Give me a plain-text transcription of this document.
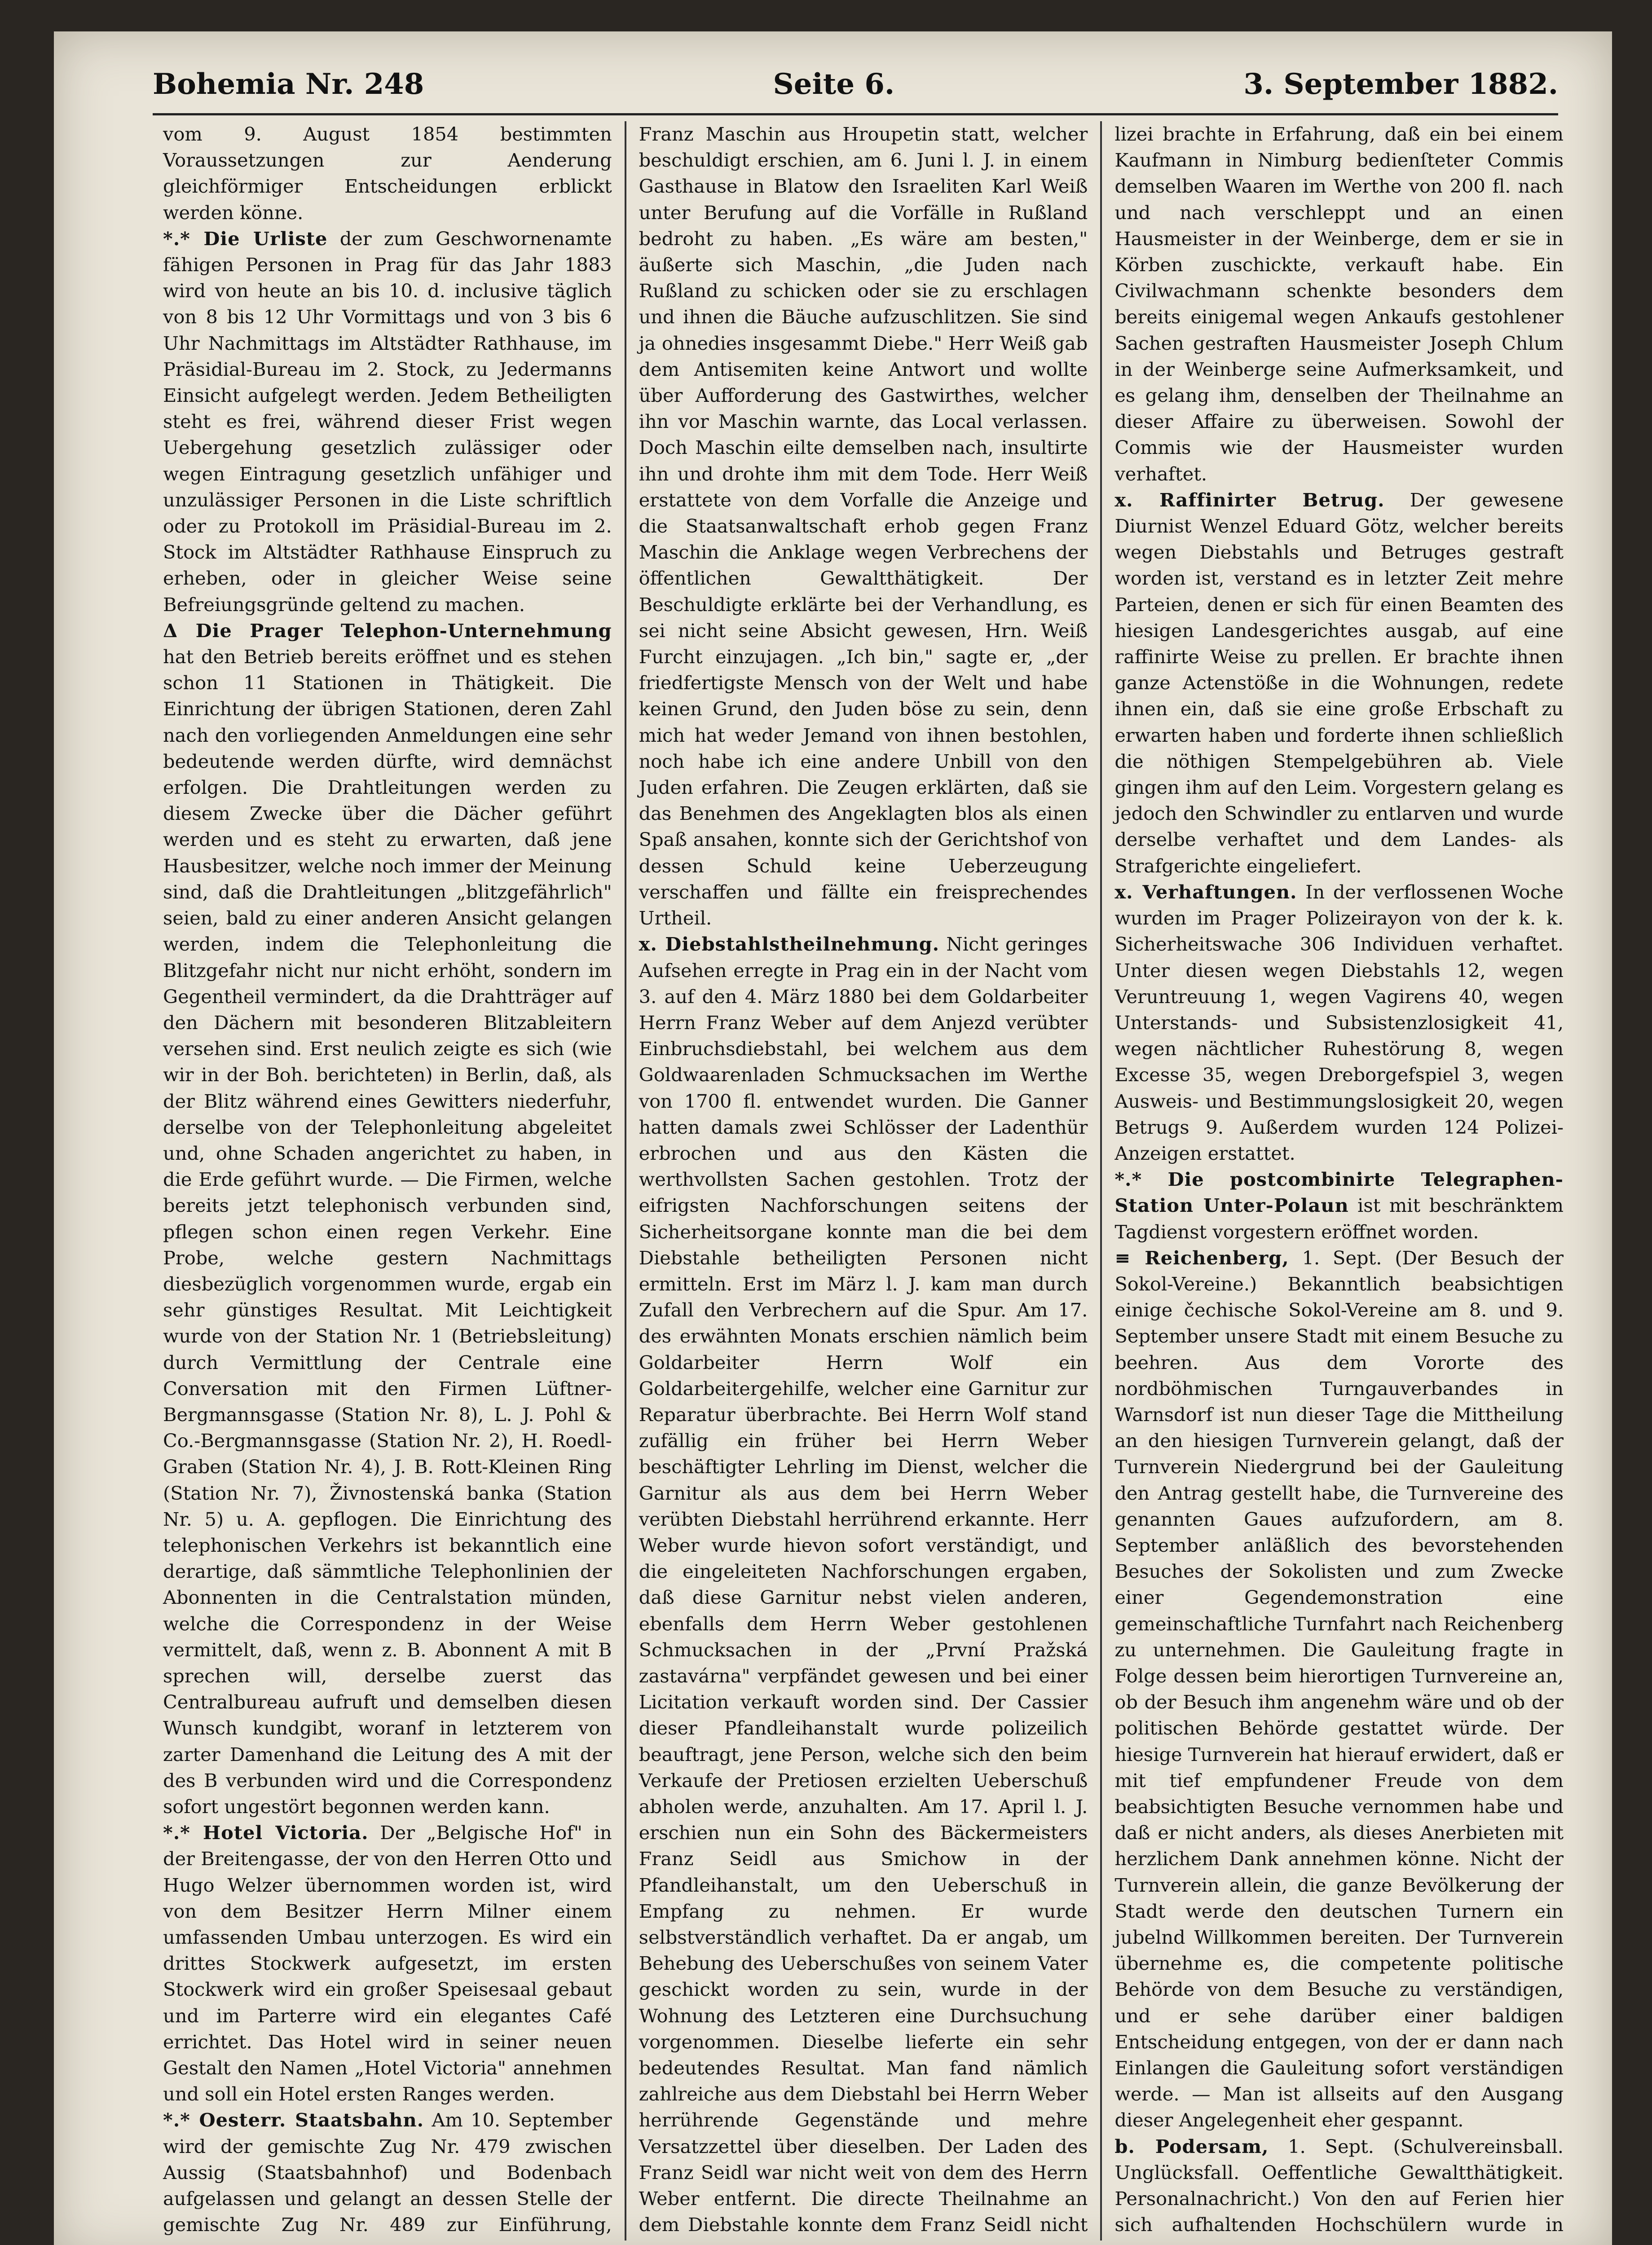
Bohemia Nr. 248	Seite 6.	3. September 1882.

vom 9. August 1854 bestimmten Voraussetzungen zur Aenderung gleichförmiger Entscheidungen erblickt werden könne.

*.* Die Urliste der zum Geschwornenamte fähigen Personen in Prag für das Jahr 1883 wird von heute an bis 10. d. inclusive täglich von 8 bis 12 Uhr Vormittags und von 3 bis 6 Uhr Nachmittags im Altstädter Rathhause, im Präsidial-Bureau im 2. Stock, zu Jedermanns Einsicht aufgelegt werden. Jedem Betheiligten steht es frei, während dieser Frist wegen Uebergehung gesetzlich zulässiger oder wegen Eintragung gesetzlich unfähiger und unzulässiger Personen in die Liste schriftlich oder zu Protokoll im Präsidial-Bureau im 2. Stock im Altstädter Rathhause Einspruch zu erheben, oder in gleicher Weise seine Befreiungsgründe geltend zu machen.

Δ Die Prager Telephon-Unternehmung hat den Betrieb bereits eröffnet und es stehen schon 11 Stationen in Thätigkeit. Die Einrichtung der übrigen Stationen, deren Zahl nach den vorliegenden Anmeldungen eine sehr bedeutende werden dürfte, wird demnächst erfolgen. Die Drahtleitungen werden zu diesem Zwecke über die Dächer geführt werden und es steht zu erwarten, daß jene Hausbesitzer, welche noch immer der Meinung sind, daß die Drahtleitungen „blitzgefährlich" seien, bald zu einer anderen Ansicht gelangen werden, indem die Telephonleitung die Blitzgefahr nicht nur nicht erhöht, sondern im Gegentheil vermindert, da die Drahtträger auf den Dächern mit besonderen Blitzableitern versehen sind. Erst neulich zeigte es sich (wie wir in der Boh. berichteten) in Berlin, daß, als der Blitz während eines Gewitters niederfuhr, derselbe von der Telephonleitung abgeleitet und, ohne Schaden angerichtet zu haben, in die Erde geführt wurde. — Die Firmen, welche bereits jetzt telephonisch verbunden sind, pflegen schon einen regen Verkehr. Eine Probe, welche gestern Nachmittags diesbezüglich vorgenommen wurde, ergab ein sehr günstiges Resultat. Mit Leichtigkeit wurde von der Station Nr. 1 (Betriebsleitung) durch Vermittlung der Centrale eine Conversation mit den Firmen Lüftner-Bergmannsgasse (Station Nr. 8), L. J. Pohl & Co.-Bergmannsgasse (Station Nr. 2), H. Roedl-Graben (Station Nr. 4), J. B. Rott-Kleinen Ring (Station Nr. 7), Živnostenská banka (Station Nr. 5) u. A. gepflogen. Die Einrichtung des telephonischen Verkehrs ist bekanntlich eine derartige, daß sämmtliche Telephonlinien der Abonnenten in die Centralstation münden, welche die Correspondenz in der Weise vermittelt, daß, wenn z. B. Abonnent A mit B sprechen will, derselbe zuerst das Centralbureau aufruft und demselben diesen Wunsch kundgibt, woranf in letzterem von zarter Damenhand die Leitung des A mit der des B verbunden wird und die Correspondenz sofort ungestört begonnen werden kann.

*.* Hotel Victoria. Der „Belgische Hof" in der Breitengasse, der von den Herren Otto und Hugo Welzer übernommen worden ist, wird von dem Besitzer Herrn Milner einem umfassenden Umbau unterzogen. Es wird ein drittes Stockwerk aufgesetzt, im ersten Stockwerk wird ein großer Speisesaal gebaut und im Parterre wird ein elegantes Café errichtet. Das Hotel wird in seiner neuen Gestalt den Namen „Hotel Victoria" annehmen und soll ein Hotel ersten Ranges werden.

*.* Oesterr. Staatsbahn. Am 10. September wird der gemischte Zug Nr. 479 zwischen Aussig (Staatsbahnhof) und Bodenbach aufgelassen und gelangt an dessen Stelle der gemischte Zug Nr. 489 zur Einführung,

Franz Maschin aus Hroupetin statt, welcher beschuldigt erschien, am 6. Juni l. J. in einem Gasthause in Blatow den Israeliten Karl Weiß unter Berufung auf die Vorfälle in Rußland bedroht zu haben. „Es wäre am besten," äußerte sich Maschin, „die Juden nach Rußland zu schicken oder sie zu erschlagen und ihnen die Bäuche aufzuschlitzen. Sie sind ja ohnedies insgesammt Diebe." Herr Weiß gab dem Antisemiten keine Antwort und wollte über Aufforderung des Gastwirthes, welcher ihn vor Maschin warnte, das Local verlassen. Doch Maschin eilte demselben nach, insultirte ihn und drohte ihm mit dem Tode. Herr Weiß erstattete von dem Vorfalle die Anzeige und die Staatsanwaltschaft erhob gegen Franz Maschin die Anklage wegen Verbrechens der öffentlichen Gewaltthätigkeit. Der Beschuldigte erklärte bei der Verhandlung, es sei nicht seine Absicht gewesen, Hrn. Weiß Furcht einzujagen. „Ich bin," sagte er, „der friedfertigste Mensch von der Welt und habe keinen Grund, den Juden böse zu sein, denn mich hat weder Jemand von ihnen bestohlen, noch habe ich eine andere Unbill von den Juden erfahren. Die Zeugen erklärten, daß sie das Benehmen des Angeklagten blos als einen Spaß ansahen, konnte sich der Gerichtshof von dessen Schuld keine Ueberzeugung verschaffen und fällte ein freisprechendes Urtheil.

x. Diebstahlstheilnehmung. Nicht geringes Aufsehen erregte in Prag ein in der Nacht vom 3. auf den 4. März 1880 bei dem Goldarbeiter Herrn Franz Weber auf dem Anjezd verübter Einbruchsdiebstahl, bei welchem aus dem Goldwaarenladen Schmucksachen im Werthe von 1700 fl. entwendet wurden. Die Ganner hatten damals zwei Schlösser der Ladenthür erbrochen und aus den Kästen die werthvollsten Sachen gestohlen. Trotz der eifrigsten Nachforschungen seitens der Sicherheitsorgane konnte man die bei dem Diebstahle betheiligten Personen nicht ermitteln. Erst im März l. J. kam man durch Zufall den Verbrechern auf die Spur. Am 17. des erwähnten Monats erschien nämlich beim Goldarbeiter Herrn Wolf ein Goldarbeitergehilfe, welcher eine Garnitur zur Reparatur überbrachte. Bei Herrn Wolf stand zufällig ein früher bei Herrn Weber beschäftigter Lehrling im Dienst, welcher die Garnitur als aus dem bei Herrn Weber verübten Diebstahl herrührend erkannte. Herr Weber wurde hievon sofort verständigt, und die eingeleiteten Nachforschungen ergaben, daß diese Garnitur nebst vielen anderen, ebenfalls dem Herrn Weber gestohlenen Schmucksachen in der „První Pražská zastavárna" verpfändet gewesen und bei einer Licitation verkauft worden sind. Der Cassier dieser Pfandleihanstalt wurde polizeilich beauftragt, jene Person, welche sich den beim Verkaufe der Pretiosen erzielten Ueberschuß abholen werde, anzuhalten. Am 17. April l. J. erschien nun ein Sohn des Bäckermeisters Franz Seidl aus Smichow in der Pfandleihanstalt, um den Ueberschuß in Empfang zu nehmen. Er wurde selbstverständlich verhaftet. Da er angab, um Behebung des Ueberschußes von seinem Vater geschickt worden zu sein, wurde in der Wohnung des Letzteren eine Durchsuchung vorgenommen. Dieselbe lieferte ein sehr bedeutendes Resultat. Man fand nämlich zahlreiche aus dem Diebstahl bei Herrn Weber herrührende Gegenstände und mehre Versatzzettel über dieselben. Der Laden des Franz Seidl war nicht weit von dem des Herrn Weber entfernt. Die directe Theilnahme an dem Diebstahle konnte dem Franz Seidl nicht

lizei brachte in Erfahrung, daß ein bei einem Kaufmann in Nimburg bedienſteter Commis demselben Waaren im Werthe von 200 fl. nach und nach verschleppt und an einen Hausmeister in der Weinberge, dem er sie in Körben zuschickte, verkauft habe. Ein Civilwachmann schenkte besonders dem bereits einigemal wegen Ankaufs gestohlener Sachen gestraften Hausmeister Joseph Chlum in der Weinberge seine Aufmerksamkeit, und es gelang ihm, denselben der Theilnahme an dieser Affaire zu überweisen. Sowohl der Commis wie der Hausmeister wurden verhaftet.

x. Raffinirter Betrug. Der gewesene Diurnist Wenzel Eduard Götz, welcher bereits wegen Diebstahls und Betruges gestraft worden ist, verstand es in letzter Zeit mehre Parteien, denen er sich für einen Beamten des hiesigen Landesgerichtes ausgab, auf eine raffinirte Weise zu prellen. Er brachte ihnen ganze Actenstöße in die Wohnungen, redete ihnen ein, daß sie eine große Erbschaft zu erwarten haben und forderte ihnen schließlich die nöthigen Stempelgebühren ab. Viele gingen ihm auf den Leim. Vorgestern gelang es jedoch den Schwindler zu entlarven und wurde derselbe verhaftet und dem Landes- als Strafgerichte eingeliefert.

x. Verhaftungen. In der verflossenen Woche wurden im Prager Polizeirayon von der k. k. Sicherheitswache 306 Individuen verhaftet. Unter diesen wegen Diebstahls 12, wegen Veruntreuung 1, wegen Vagirens 40, wegen Unterstands- und Subsistenzlosigkeit 41, wegen nächtlicher Ruhestörung 8, wegen Excesse 35, wegen Dreborgefspiel 3, wegen Ausweis- und Bestimmungslosigkeit 20, wegen Betrugs 9. Außerdem wurden 124 Polizei-Anzeigen erstattet.

*.* Die postcombinirte Telegraphen-Station Unter-Polaun ist mit beschränktem Tagdienst vorgestern eröffnet worden.

≡ Reichenberg, 1. Sept. (Der Besuch der Sokol-Vereine.) Bekanntlich beabsichtigen einige čechische Sokol-Vereine am 8. und 9. September unsere Stadt mit einem Besuche zu beehren. Aus dem Vororte des nordböhmischen Turngauverbandes in Warnsdorf ist nun dieser Tage die Mittheilung an den hiesigen Turnverein gelangt, daß der Turnverein Niedergrund bei der Gauleitung den Antrag gestellt habe, die Turnvereine des genannten Gaues aufzufordern, am 8. September anläßlich des bevorstehenden Besuches der Sokolisten und zum Zwecke einer Gegendemonstration eine gemeinschaftliche Turnfahrt nach Reichenberg zu unternehmen. Die Gauleitung fragte in Folge dessen beim hierortigen Turnvereine an, ob der Besuch ihm angenehm wäre und ob der politischen Behörde gestattet würde. Der hiesige Turnverein hat hierauf erwidert, daß er mit tief empfundener Freude von dem beabsichtigten Besuche vernommen habe und daß er nicht anders, als dieses Anerbieten mit herzlichem Dank annehmen könne. Nicht der Turnverein allein, die ganze Bevölkerung der Stadt werde den deutschen Turnern ein jubelnd Willkommen bereiten. Der Turnverein übernehme es, die competente politische Behörde von dem Besuche zu verständigen, und er sehe darüber einer baldigen Entscheidung entgegen, von der er dann nach Einlangen die Gauleitung sofort verständigen werde. — Man ist allseits auf den Ausgang dieser Angelegenheit eher gespannt.

b. Podersam, 1. Sept. (Schulvereinsball. Unglücksfall. Oeffentliche Gewaltthätigkeit. Personalnachricht.) Von den auf Ferien hier sich aufhaltenden Hochschülern wurde in
